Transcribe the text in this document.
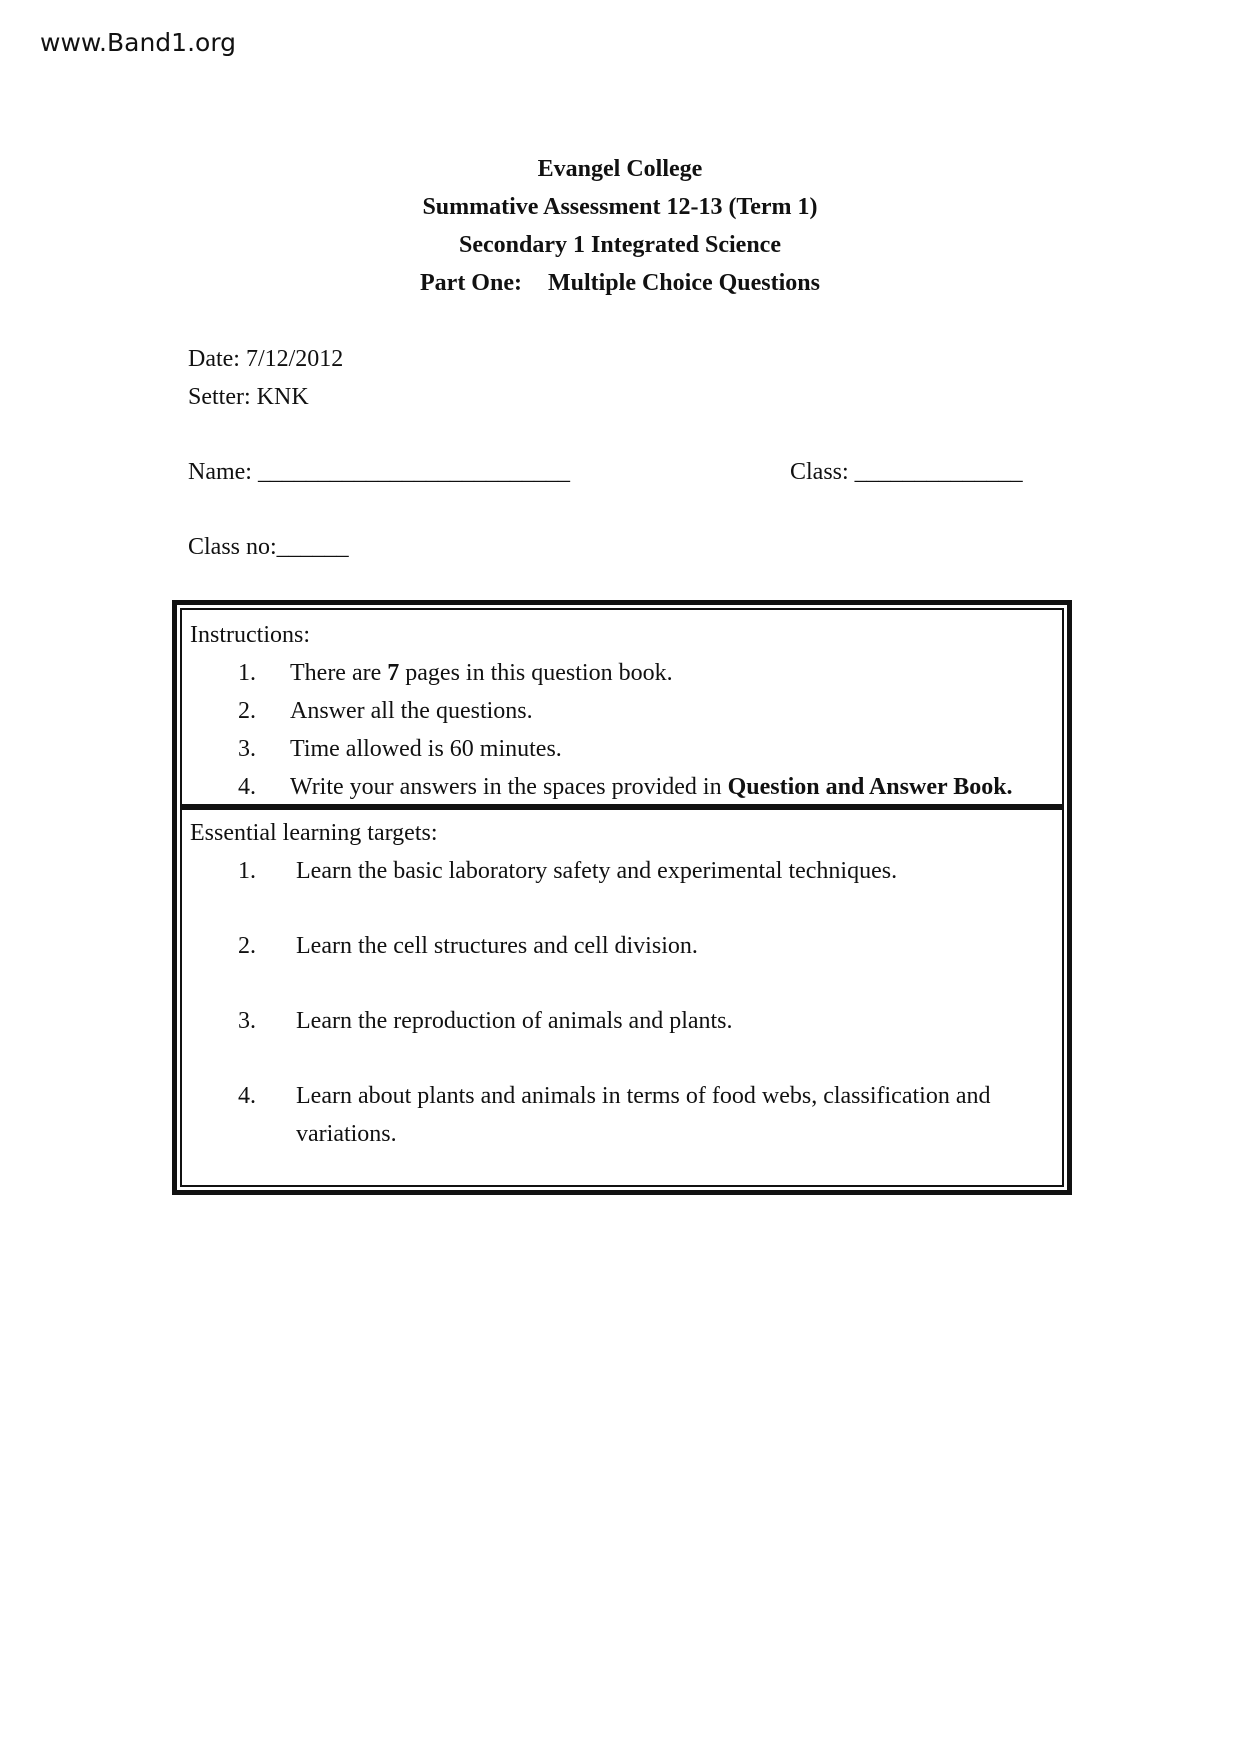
www.Band1.org
Evangel College
Summative Assessment 12-13 (Term 1)
Secondary 1 Integrated Science
Part One: Multiple Choice Questions
Date: 7/12/2012
Setter: KNK
Name: __________________________	Class: ______________
Class no:______
Instructions:
1.	There are 7 pages in this question book.
2.	Answer all the questions.
3.	Time allowed is 60 minutes.
4.	Write your answers in the spaces provided in Question and Answer Book.
Essential learning targets:
1.	Learn the basic laboratory safety and experimental techniques.
2.	Learn the cell structures and cell division.
3.	Learn the reproduction of animals and plants.
4.	Learn about plants and animals in terms of food webs, classification and variations.
